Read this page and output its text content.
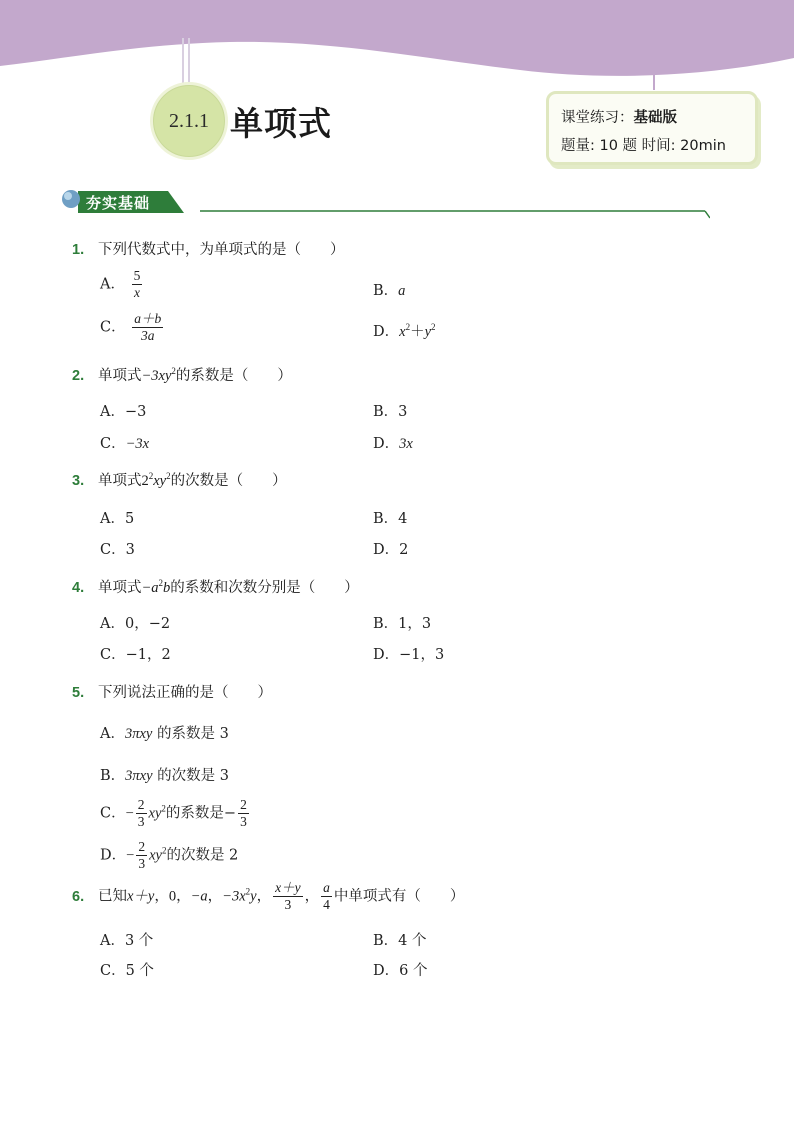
2.1.1 单项式	课堂练习：基础版
题量: 10 题 时间: 20min
夯实基础
1. 下列代数式中，为单项式的是（　　）
A． $\frac{5}{x}$	B．a
C． $\frac{a+b}{3a}$	D．$x^2+y^2$
2. 单项式$-3xy^2$的系数是（　　）
A．−3	B．3
C．−3x	D．3x
3. 单项式$2^2xy^2$的次数是（　　）
A．5	B．4
C．3	D．2
4. 单项式$-a^2b$的系数和次数分别是（　　）
A．0，−2	B．1，3
C．−1，2	D．−1，3
5. 下列说法正确的是（　　）
A．3πxy 的系数是 3
B．3πxy 的次数是 3
C．− $\frac{2}{3} xy^2$的系数是− $\frac{2}{3}$
D．− $\frac{2}{3} xy^2$的次数是 2
6. 已知x＋y，0，−a，$-3x^2y$， $\frac{x+y}{3}$ ， $\frac{a}{4}$ 中单项式有（　　）
A．3 个	B．4 个
C．5 个	D．6 个
